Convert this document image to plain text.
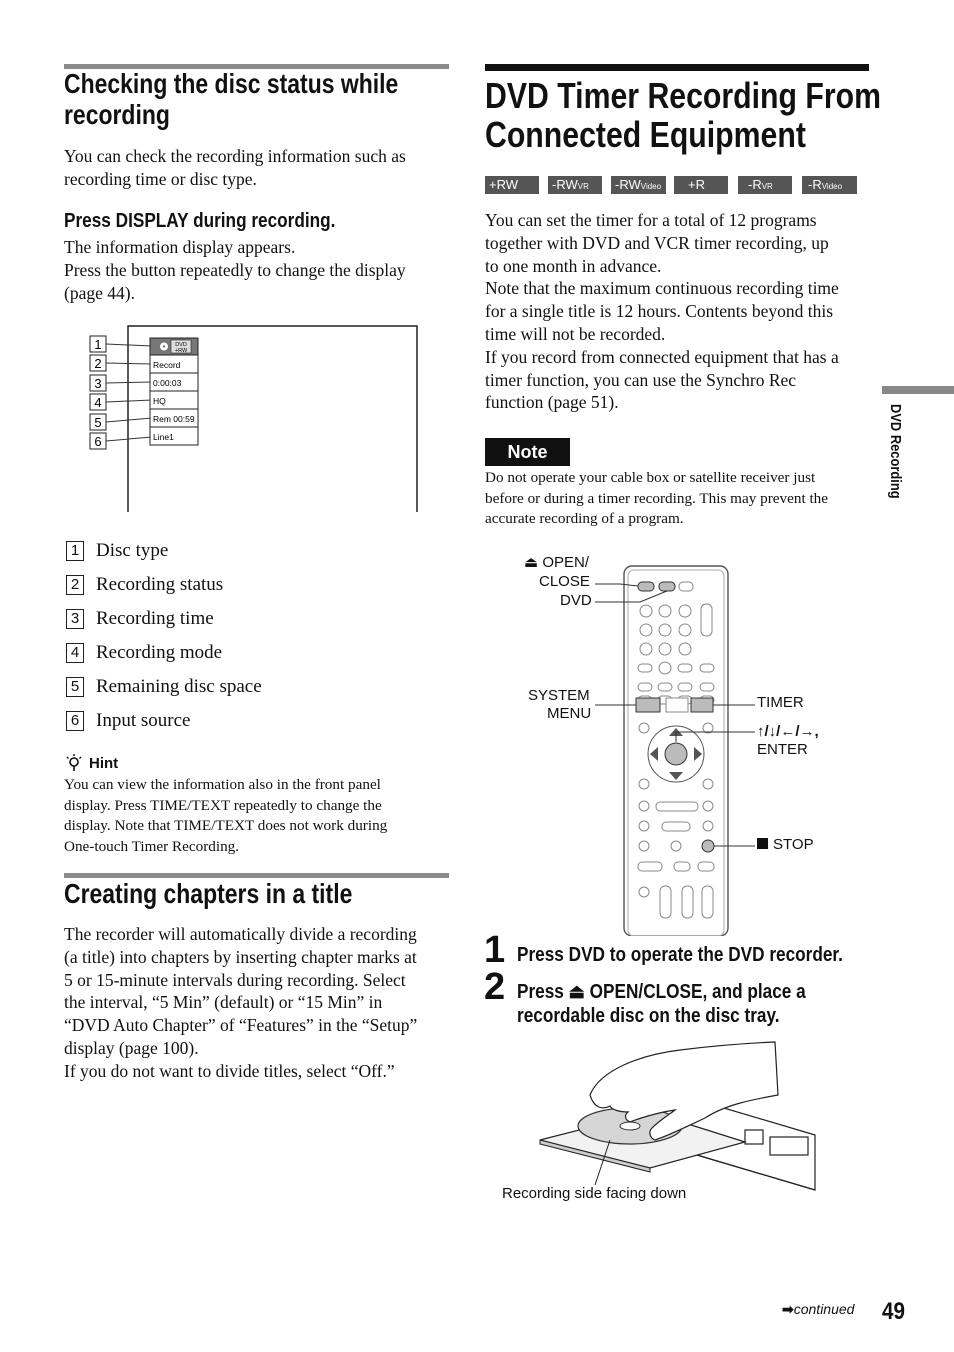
Checking the disc status while
recording
You can check the recording information such as
recording time or disc type.
Press DISPLAY during recording.
The information display appears.
Press the button repeatedly to change the display
(page 44).
DVD
+RW
Record
0:00:03
HQ
Rem 00:59
Line1
1
2
3
4
5
6
1 Disc type
2 Recording status
3 Recording time
4 Recording mode
5 Remaining disc space
6 Input source
Hint
You can view the information also in the front panel
display. Press TIME/TEXT repeatedly to change the
display. Note that TIME/TEXT does not work during
One-touch Timer Recording.
Creating chapters in a title
The recorder will automatically divide a recording
(a title) into chapters by inserting chapter marks at
5 or 15-minute intervals during recording. Select
the interval, “5 Min” (default) or “15 Min” in
“DVD Auto Chapter” of “Features” in the “Setup”
display (page 100).
If you do not want to divide titles, select “Off.”
DVD Timer Recording From
Connected Equipment
+RW	-RWVR	-RWVideo	+R	-RVR	-RVideo
You can set the timer for a total of 12 programs
together with DVD and VCR timer recording, up
to one month in advance.
Note that the maximum continuous recording time
for a single title is 12 hours. Contents beyond this
time will not be recorded.
If you record from connected equipment that has a
timer function, you can use the Synchro Rec
function (page 51).
Note
Do not operate your cable box or satellite receiver just
before or during a timer recording. This may prevent the
accurate recording of a program.
⏏ OPEN/
CLOSE
DVD
SYSTEM
MENU
TIMER
↑/↓/←/→,
ENTER
STOP
1 Press DVD to operate the DVD recorder.
2 Press ⏏ OPEN/CLOSE, and place a
recordable disc on the disc tray.
Recording side facing down
DVD Recording
➡continued 49
